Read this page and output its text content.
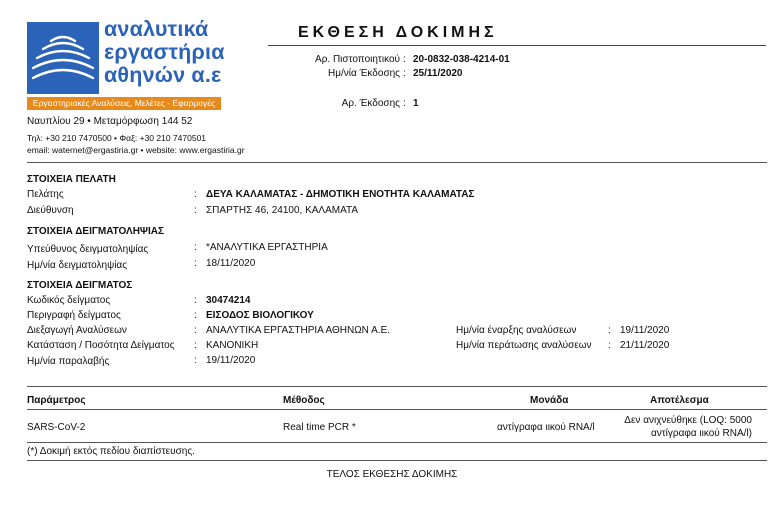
αναλυτικά
εργαστήρια
αθηνών α.ε
Εργαστηριακές Αναλύσεις, Μελέτες - Εφαρμογές
Ναυπλίου 29 • Μεταμόρφωση 144 52
Τηλ: +30 210 7470500 • Φαξ: +30 210 7470501
email: waternet@ergastiria.gr • website: www.ergastiria.gr
ΕΚΘΕΣΗ ΔΟΚΙΜΗΣ
Αρ. Πιστοποιητικού : 20-0832-038-4214-01
Ημ/νία Έκδοσης : 25/11/2020
Αρ. Έκδοσης : 1
ΣΤΟΙΧΕΙΑ ΠΕΛΑΤΗ
Πελάτης	: ΔΕΥΑ ΚΑΛΑΜΑΤΑΣ - ΔΗΜΟΤΙΚΗ ΕΝΟΤΗΤΑ ΚΑΛΑΜΑΤΑΣ
Διεύθυνση	: ΣΠΑΡΤΗΣ 46, 24100, ΚΑΛΑΜΑΤΑ
ΣΤΟΙΧΕΙΑ ΔΕΙΓΜΑΤΟΛΗΨΙΑΣ
Υπεύθυνος δειγματοληψίας	: *ΑΝΑΛΥΤΙΚΑ ΕΡΓΑΣΤΗΡΙΑ
Ημ/νία δειγματοληψίας	: 18/11/2020
ΣΤΟΙΧΕΙΑ ΔΕΙΓΜΑΤΟΣ
Κωδικός δείγματος	: 30474214
Περιγραφή δείγματος	: ΕΙΣΟΔΟΣ ΒΙΟΛΟΓΙΚΟΥ
Διεξαγωγή Αναλύσεων	: ΑΝΑΛΥΤΙΚΑ ΕΡΓΑΣΤΗΡΙΑ ΑΘΗΝΩΝ Α.Ε.	Ημ/νία έναρξης αναλύσεων	: 19/11/2020
Κατάσταση / Ποσότητα Δείγματος : ΚΑΝΟΝΙΚΗ	Ημ/νία περάτωσης αναλύσεων : 21/11/2020
Ημ/νία παραλαβής	: 19/11/2020
Παράμετρος	Μέθοδος	Μονάδα	Αποτέλεσμα
SARS-CoV-2	Real time PCR *	αντίγραφα ιικού RNA/l
Δεν ανιχνεύθηκε (LOQ: 5000
αντίγραφα ιικού RNA/l)
(*) Δοκιμή εκτός πεδίου διαπίστευσης.
ΤΕΛΟΣ ΕΚΘΕΣΗΣ ΔΟΚΙΜΗΣ
